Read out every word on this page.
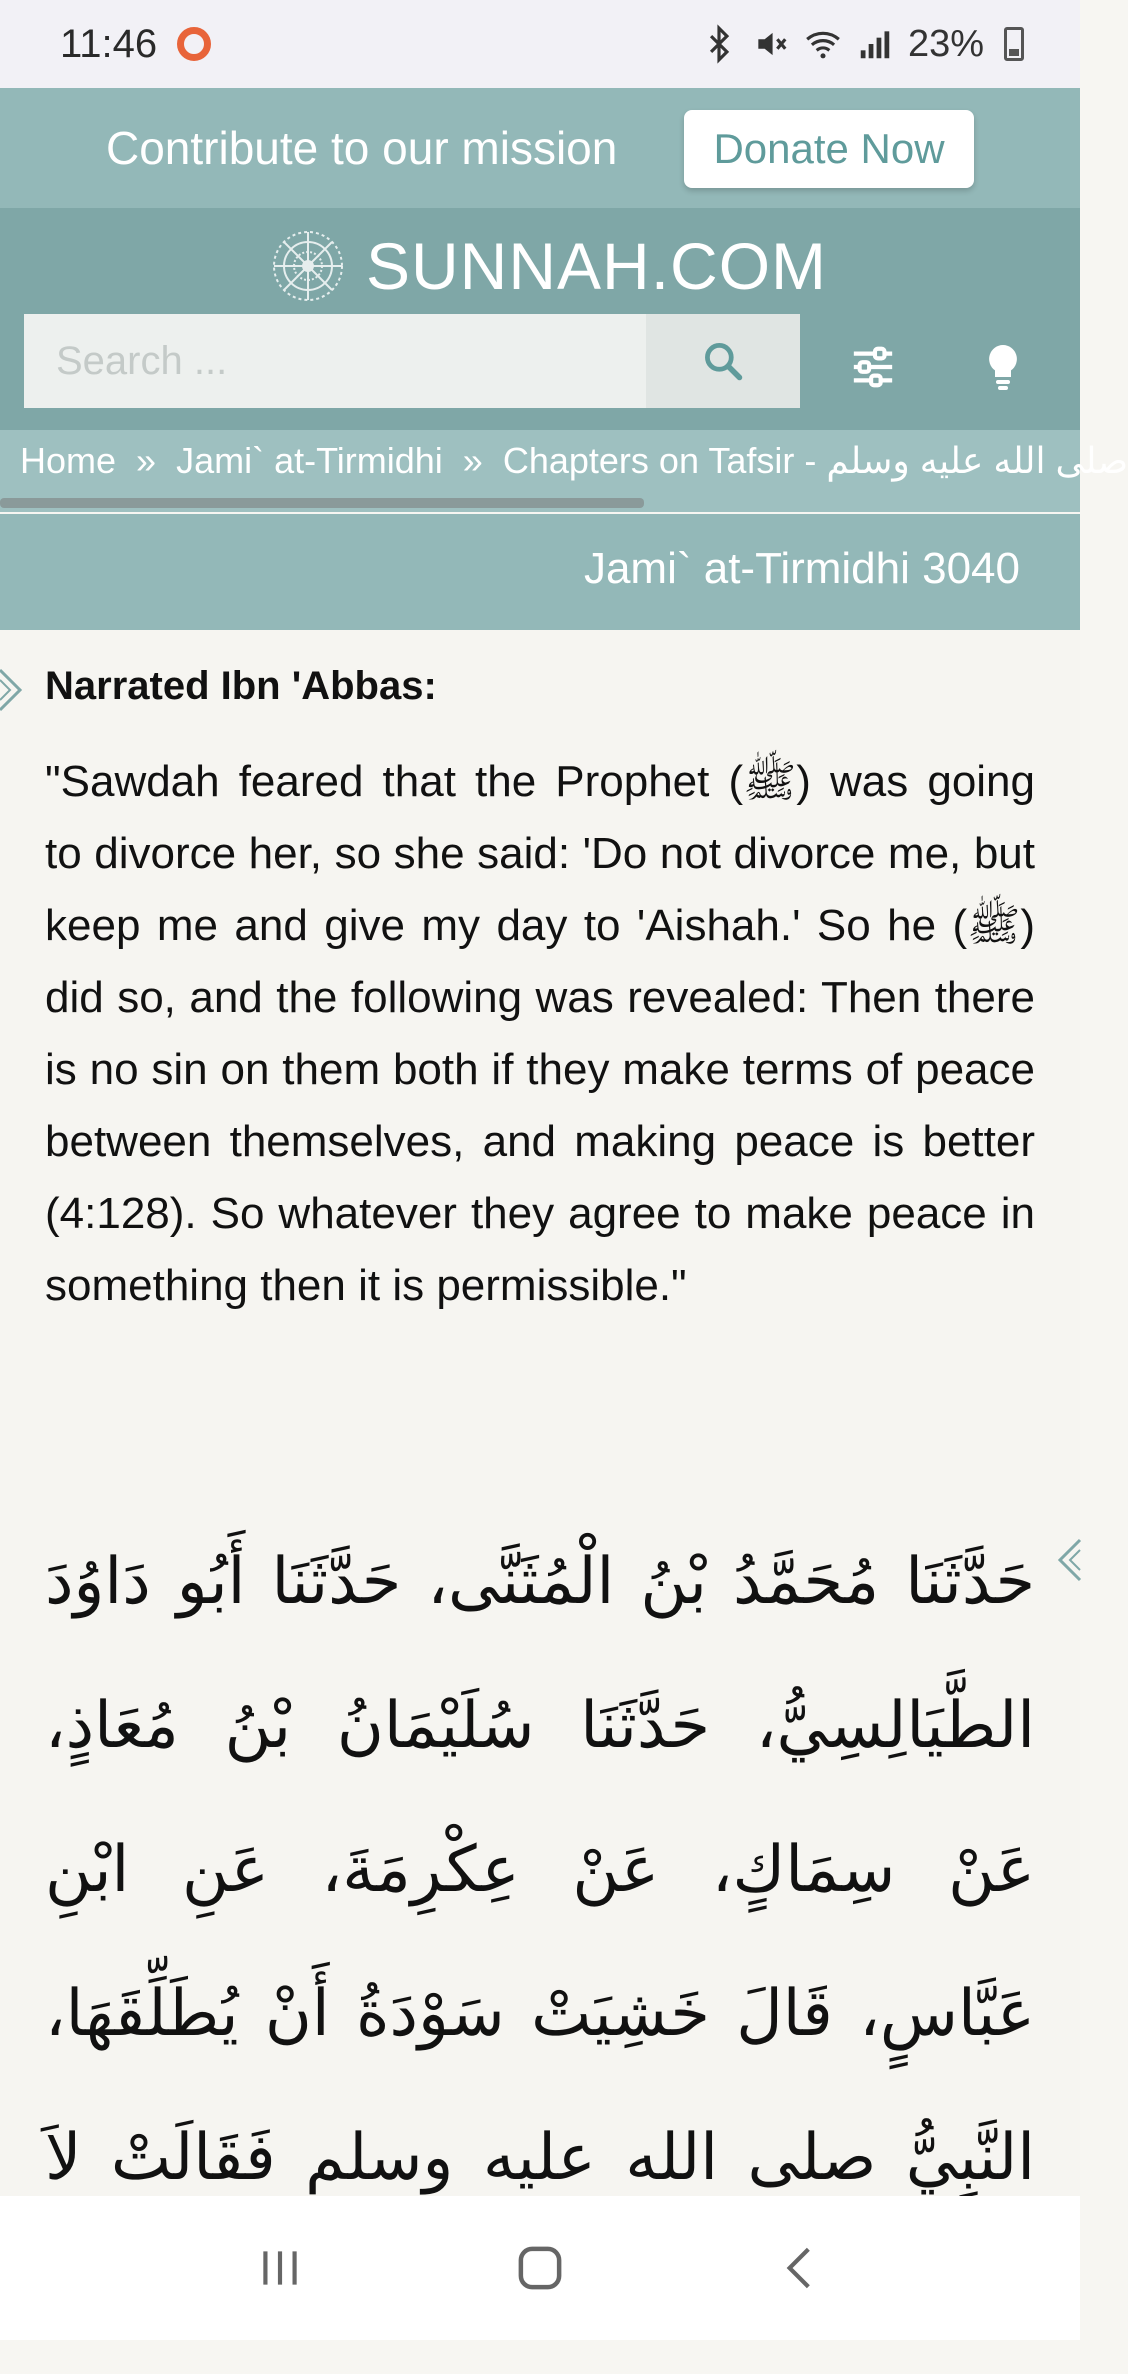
11:46	23%
Contribute to our mission	Donate Now
SUNNAH.COM
Search ...
Home » Jami` at-Tirmidhi » Chapters on Tafsir - صلى الله عليه وسلم
Jami` at-Tirmidhi 3040
Narrated Ibn 'Abbas:

"Sawdah feared that the Prophet (ﷺ) was going to divorce her, so she said: 'Do not divorce me, but keep me and give my day to 'Aishah.' So he (ﷺ) did so, and the following was revealed: Then there is no sin on them both if they make terms of peace between themselves, and making peace is better (4:128). So whatever they agree to make peace in something then it is permissible."

حَدَّثَنَا مُحَمَّدُ بْنُ الْمُثَنَّى، حَدَّثَنَا أَبُو دَاوُدَ الطَّيَالِسِيُّ، حَدَّثَنَا سُلَيْمَانُ بْنُ مُعَاذٍ، عَنْ سِمَاكٍ، عَنْ عِكْرِمَةَ، عَنِ ابْنِ عَبَّاسٍ، قَالَ خَشِيَتْ سَوْدَةُ أَنْ يُطَلِّقَهَا، النَّبِيُّ صلى الله عليه وسلم فَقَالَتْ لاَ
